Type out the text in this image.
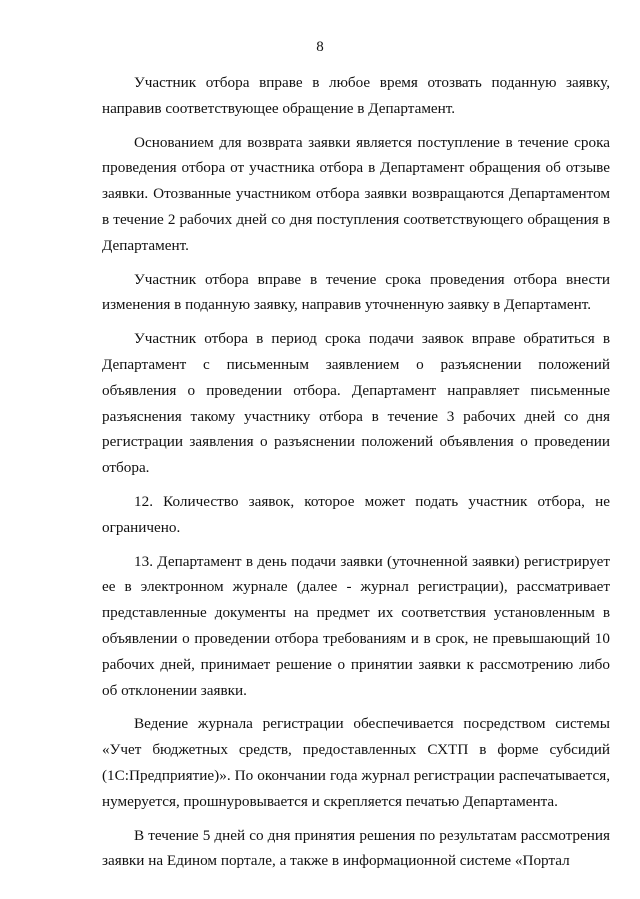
8

Участник отбора вправе в любое время отозвать поданную заявку, направив соответствующее обращение в Департамент.

Основанием для возврата заявки является поступление в течение срока проведения отбора от участника отбора в Департамент обращения об отзыве заявки. Отозванные участником отбора заявки возвращаются Департаментом в течение 2 рабочих дней со дня поступления соответствующего обращения в Департамент.

Участник отбора вправе в течение срока проведения отбора внести изменения в поданную заявку, направив уточненную заявку в Департамент.

Участник отбора в период срока подачи заявок вправе обратиться в Департамент с письменным заявлением о разъяснении положений объявления о проведении отбора. Департамент направляет письменные разъяснения такому участнику отбора в течение 3 рабочих дней со дня регистрации заявления о разъяснении положений объявления о проведении отбора.

12. Количество заявок, которое может подать участник отбора, не ограничено.

13. Департамент в день подачи заявки (уточненной заявки) регистрирует ее в электронном журнале (далее - журнал регистрации), рассматривает представленные документы на предмет их соответствия установленным в объявлении о проведении отбора требованиям и в срок, не превышающий 10 рабочих дней, принимает решение о принятии заявки к рассмотрению либо об отклонении заявки.

Ведение журнала регистрации обеспечивается посредством системы «Учет бюджетных средств, предоставленных СХТП в форме субсидий (1С:Предприятие)». По окончании года журнал регистрации распечатывается, нумеруется, прошнуровывается и скрепляется печатью Департамента.

В течение 5 дней со дня принятия решения по результатам рассмотрения заявки на Едином портале, а также в информационной системе «Портал
